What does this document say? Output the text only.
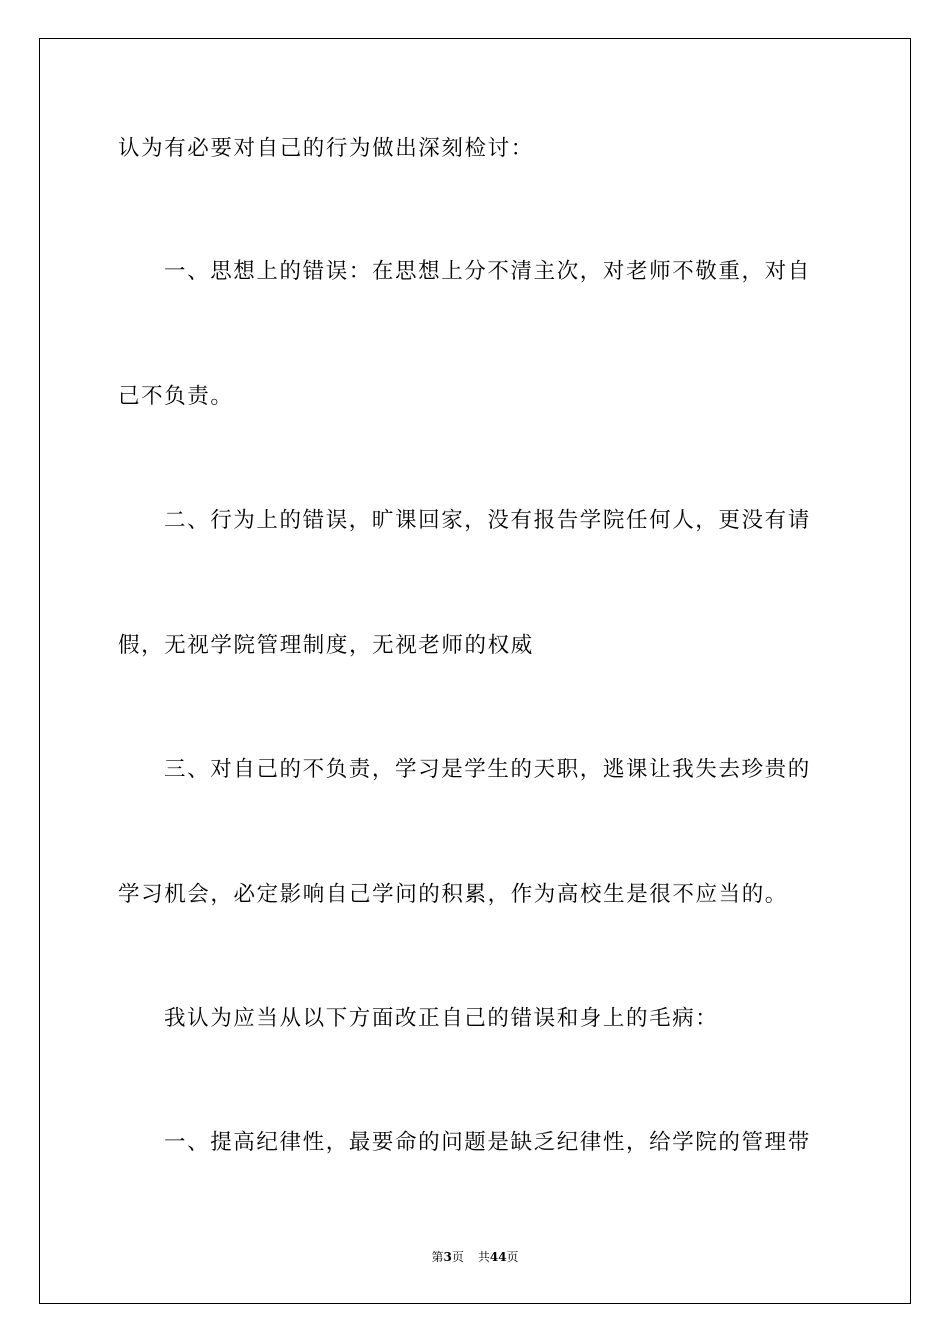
认为有必要对自己的行为做出深刻检讨：

一、思想上的错误：在思想上分不清主次，对老师不敬重，对自

己不负责。

二、行为上的错误，旷课回家，没有报告学院任何人，更没有请

假，无视学院管理制度，无视老师的权威

三、对自己的不负责，学习是学生的天职，逃课让我失去珍贵的

学习机会，必定影响自己学问的积累，作为高校生是很不应当的。

我认为应当从以下方面改正自己的错误和身上的毛病：

一、提高纪律性，最要命的问题是缺乏纪律性，给学院的管理带

第3页 共44页
